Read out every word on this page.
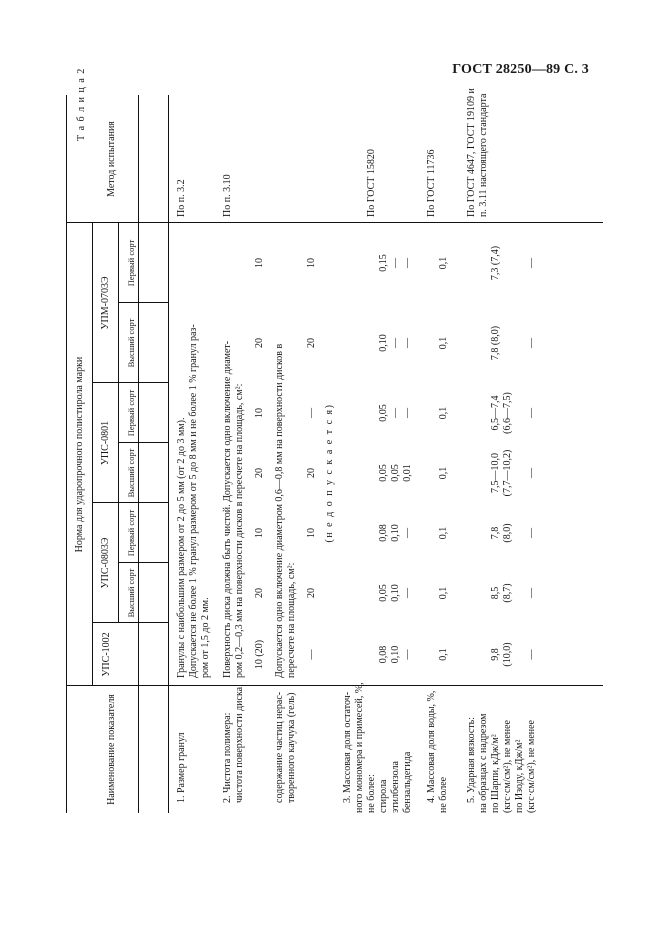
ГОСТ 28250—89 С. 3
Т а б л и ц а 2
Наименование показателя
Норма для ударопрочного полистирола марки
Метод испытания
УПС-1002
УПС-0803Э
УПС-0801
УПМ-0703Э
Высший сорт
Первый сорт
Высший сорт
Первый сорт
Высший сорт
Первый сорт
1. Размер гранул
Гранулы с наибольшим размером от 2 до 5 мм (от 2 до 3 мм). Допускается не более 1 % гранул размером от 5 до 8 мм и не более 1 % гранул раз- ром от 1,5 до 2 мм.
По п. 3.2
2. Чистота полимера: чистота поверхности диска
Поверхность диска должна быть чистой. Допускается одно включение диамет- ром 0,2—0,3 мм на поверхности дисков в пересчете на площадь, см²:
По п. 3.10
10 (20)
20
10
20
10
20
10
содержание частиц нерас- творенного каучука (гель)
Допускается одно включение диаметром 0,6—0,8 мм на поверхности дисков в пересчете на площадь, см²: —
20
10
20
—
20
10
(н е д о п у с к а е т с я)
3. Массовая доля остаточ- ного мономера и примесей, %, не более: стирола этилбензола бензальдегида
По ГОСТ 15820
0,08 0,10 —
0,05 0,10 —
0,08 0,10 —
0,05 0,05 0,01
0,05 — —
0,10 — —
0,15 — —
4. Массовая доля воды, %, не более
По ГОСТ 11736
0,1
0,1
0,1
0,1
0,1
0,1
0,1
5. Ударная вязкость: на образцах с надрезом по Шарпи, кДж/м² (кгс·см/см²), не менее по Изоду, кДж/м² (кгс·см/см²), не менее
По ГОСТ 4647, ГОСТ 19109 и п. 3.11 настоящего стандарта
9,8 (10,0) —
8,5 (8,7) —
7,8 (8,0) —
7,5—10,0 (7,7—10,2) —
6,5—7,4 (6,6—7,5) —
7,8 (8,0)	—
7,3 (7,4)	—
